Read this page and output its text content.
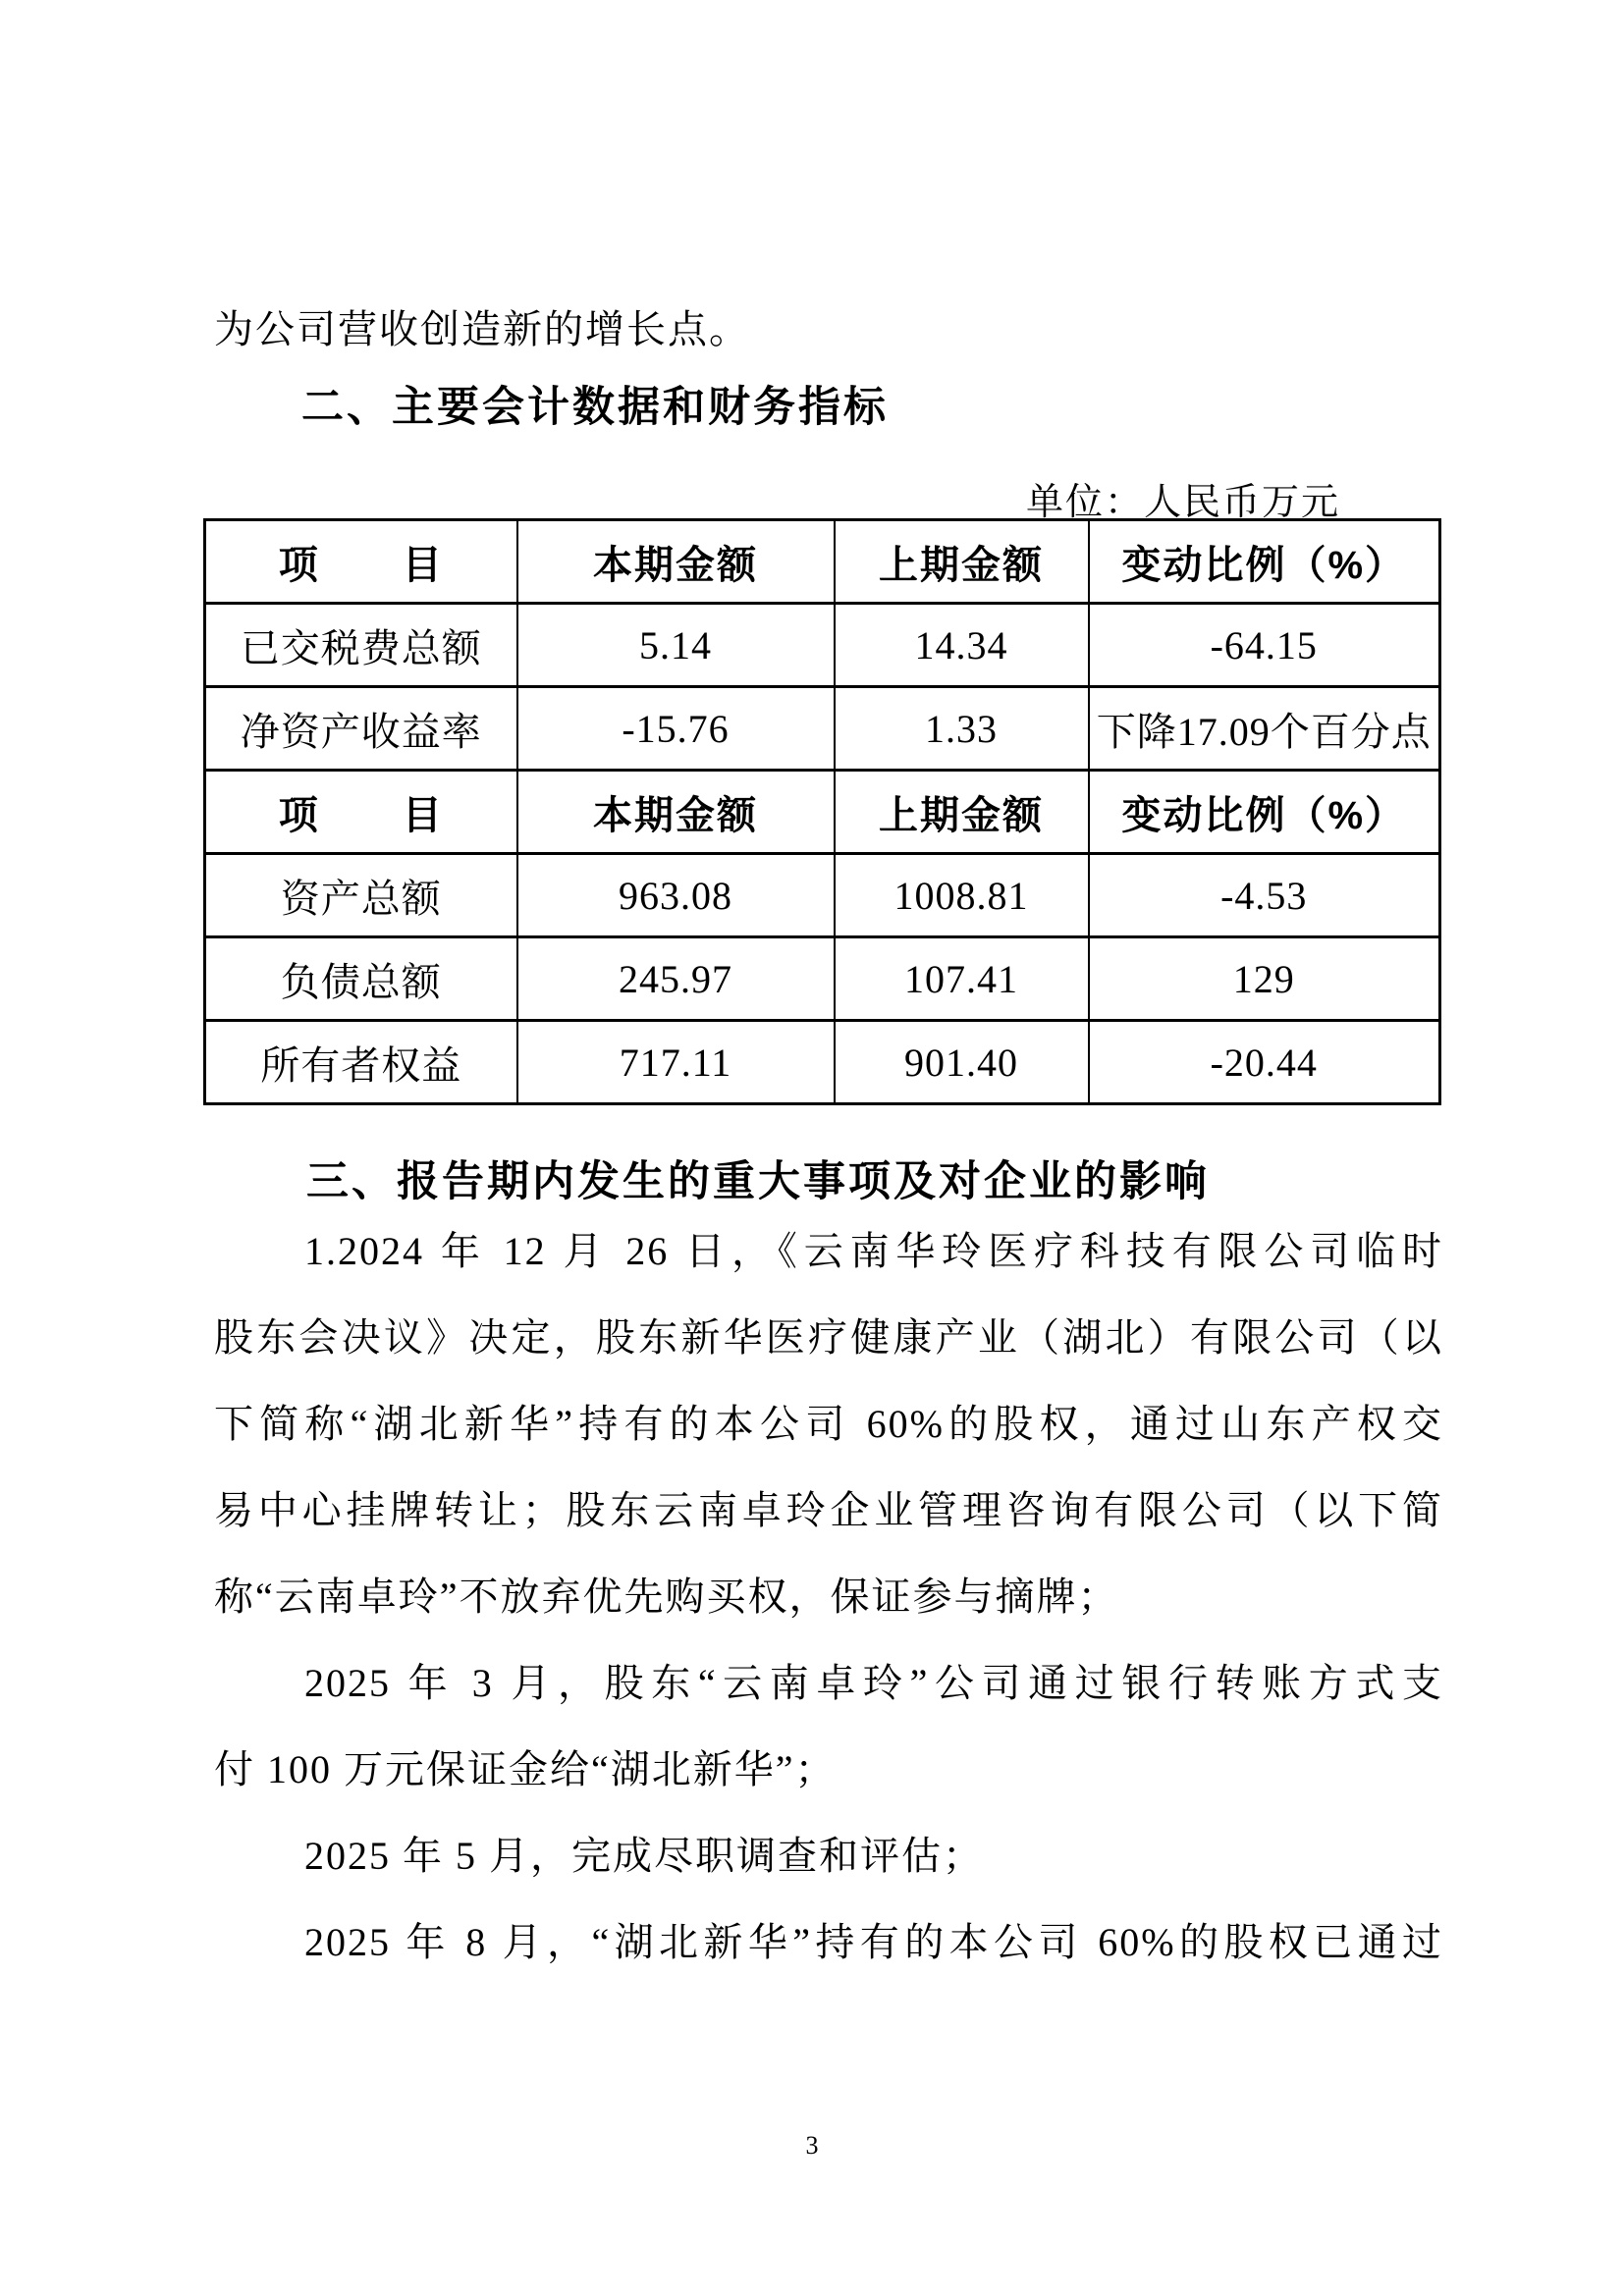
为公司营收创造新的增长点。
二、主要会计数据和财务指标
单位：人民币万元
项　　目	本期金额	上期金额	变动比例（%）
已交税费总额	5.14	14.34	-64.15
净资产收益率	-15.76	1.33	下降17.09个百分点
项　　目	本期金额	上期金额	变动比例（%）
资产总额	963.08	1008.81	-4.53
负债总额	245.97	107.41	129
所有者权益	717.11	901.40	-20.44
三、报告期内发生的重大事项及对企业的影响
1.2024 年 12 月 26 日，《云南华玲医疗科技有限公司临时
股东会决议》决定，股东新华医疗健康产业（湖北）有限公司（以
下简称“湖北新华”持有的本公司 60%的股权，通过山东产权交
易中心挂牌转让；股东云南卓玲企业管理咨询有限公司（以下简
称“云南卓玲”不放弃优先购买权，保证参与摘牌；
2025 年 3 月，股东“云南卓玲”公司通过银行转账方式支
付 100 万元保证金给“湖北新华”；
2025 年 5 月，完成尽职调查和评估；
2025 年 8 月，“湖北新华”持有的本公司 60%的股权已通过
3
